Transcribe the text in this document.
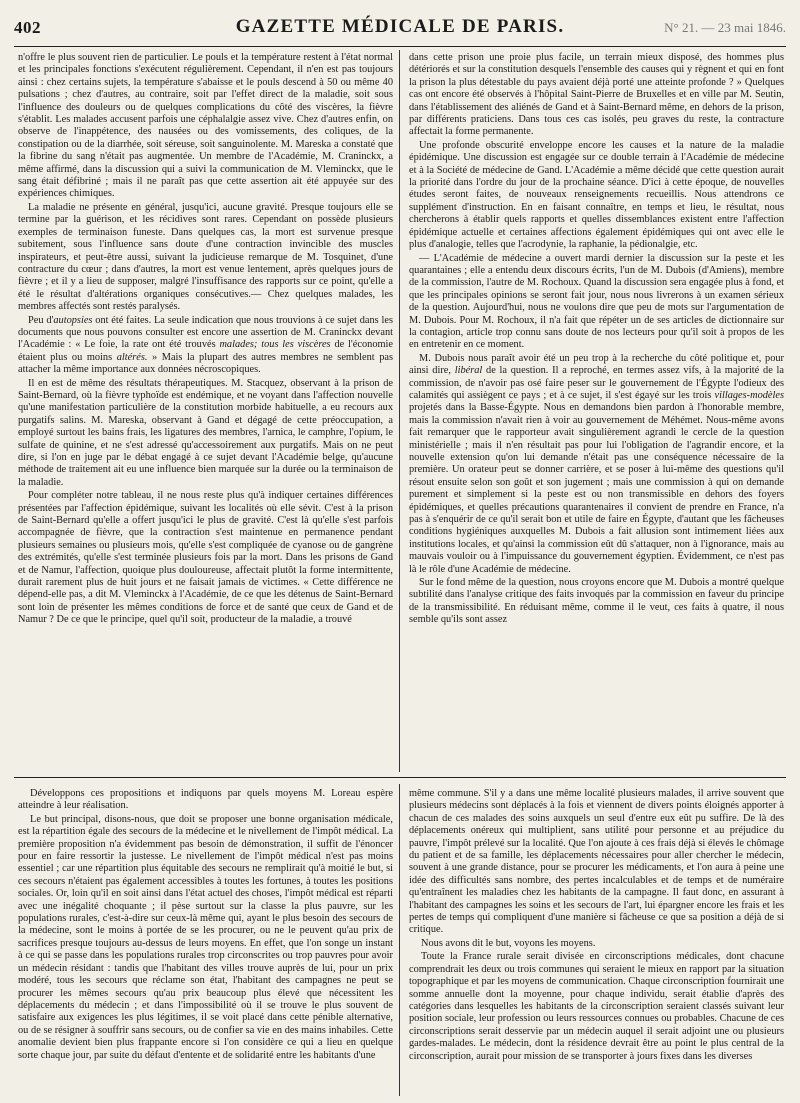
402	GAZETTE MÉDICALE DE PARIS.	N° 21. — 23 mai 1846.

n'offre le plus souvent rien de particulier. Le pouls et la température restent à l'état normal et les principales fonctions s'exécutent régulièrement. Cependant, il n'en est pas toujours ainsi : chez certains sujets, la température s'abaisse et le pouls descend à 50 ou même 40 pulsations ; chez d'autres, au contraire, soit par l'effet direct de la maladie, soit sous l'influence des douleurs ou de quelques complications du côté des viscères, la fièvre s'établit. Les malades accusent parfois une céphalalgie assez vive. Chez d'autres enfin, on observe de l'inappétence, des nausées ou des vomissements, des coliques, de la constipation ou de la diarrhée, soit séreuse, soit sanguinolente. M. Mareska a constaté que la fibrine du sang n'était pas augmentée. Un membre de l'Académie, M. Craninckx, a même affirmé, dans la discussion qui a suivi la communication de M. Vleminckx, que le sang était défibriné ; mais il ne paraît pas que cette assertion ait été appuyée sur des expériences chimiques.

La maladie ne présente en général, jusqu'ici, aucune gravité. Presque toujours elle se termine par la guérison, et les récidives sont rares. Cependant on possède plusieurs exemples de terminaison funeste. Dans quelques cas, la mort est survenue presque subitement, sous l'influence sans doute d'une contraction invincible des muscles inspirateurs, et peut-être aussi, suivant la judicieuse remarque de M. Tosquinet, d'une contracture du cœur ; dans d'autres, la mort est venue lentement, après quelques jours de fièvre ; et il y a lieu de supposer, malgré l'insuffisance des rapports sur ce point, qu'elle a été le résultat d'altérations organiques consécutives.— Chez quelques malades, les membres affectés sont restés paralysés.

Peu d'autopsies ont été faites. La seule indication que nous trouvions à ce sujet dans les documents que nous pouvons consulter est encore une assertion de M. Craninckx devant l'Académie : « Le foie, la rate ont été trouvés malades; tous les viscères de l'économie étaient plus ou moins altérés. » Mais la plupart des autres membres ne semblent pas attacher la même importance aux données nécroscopiques.

Il en est de même des résultats thérapeutiques. M. Stacquez, observant à la prison de Saint-Bernard, où la fièvre typhoïde est endémique, et ne voyant dans l'affection nouvelle qu'une manifestation particulière de la constitution morbide habituelle, a eu recours aux purgatifs salins. M. Mareska, observant à Gand et dégagé de cette préoccupation, a employé surtout les bains frais, les ligatures des membres, l'arnica, le camphre, l'opium, le sulfate de quinine, et ne s'est adressé qu'accessoirement aux purgatifs. Mais on ne peut dire, si l'on en juge par le débat engagé à ce sujet devant l'Académie belge, qu'aucune méthode de traitement ait eu une influence bien marquée sur la durée ou la terminaison de la maladie.

Pour compléter notre tableau, il ne nous reste plus qu'à indiquer certaines différences présentées par l'affection épidémique, suivant les localités où elle sévit. C'est à la prison de Saint-Bernard qu'elle a offert jusqu'ici le plus de gravité. C'est là qu'elle s'est parfois accompagnée de fièvre, que la contraction s'est maintenue en permanence pendant plusieurs semaines ou plusieurs mois, qu'elle s'est compliquée de cyanose ou de gangrène des extrémités, qu'elle s'est terminée plusieurs fois par la mort. Dans les prisons de Gand et de Namur, l'affection, quoique plus douloureuse, affectait plutôt la forme intermittente, durait rarement plus de huit jours et ne faisait jamais de victimes. « Cette différence ne dépend-elle pas, a dit M. Vleminckx à l'Académie, de ce que les détenus de Saint-Bernard sont loin de présenter les mêmes conditions de force et de santé que ceux de Gand et de Namur ? De ce que le principe, quel qu'il soit, producteur de la maladie, a trouvé

dans cette prison une proie plus facile, un terrain mieux disposé, des hommes plus détériorés et sur la constitution desquels l'ensemble des causes qui y règnent et qui en font la prison la plus détestable du pays avaient déjà porté une atteinte profonde ? » Quelques cas ont encore été observés à l'hôpital Saint-Pierre de Bruxelles et en ville par M. Seutin, dans l'établissement des aliénés de Gand et à Saint-Bernard même, en dehors de la prison, par différents praticiens. Dans tous ces cas isolés, peu graves du reste, la contracture affectait la forme permanente.

Une profonde obscurité enveloppe encore les causes et la nature de la maladie épidémique. Une discussion est engagée sur ce double terrain à l'Académie de médecine et à la Société de médecine de Gand. L'Académie a même décidé que cette question aurait la priorité dans l'ordre du jour de la prochaine séance. D'ici à cette époque, de nouvelles études seront faites, de nouveaux renseignements recueillis. Nous attendrons ce supplément d'instruction. En en faisant connaître, en temps et lieu, le résultat, nous chercherons à établir quels rapports et quelles dissemblances existent entre l'affection épidémique actuelle et certaines affections également épidémiques qui ont avec elle le plus d'analogie, telles que l'acrodynie, la raphanie, la pédionalgie, etc.

— L'Académie de médecine a ouvert mardi dernier la discussion sur la peste et les quarantaines ; elle a entendu deux discours écrits, l'un de M. Dubois (d'Amiens), membre de la commission, l'autre de M. Rochoux. Quand la discussion sera engagée plus à fond, et que les principales opinions se seront fait jour, nous nous livrerons à un examen sérieux de la question. Aujourd'hui, nous ne voulons dire que peu de mots sur l'argumentation de M. Dubois. Pour M. Rochoux, il n'a fait que répéter un de ses articles de dictionnaire sur la contagion, article trop connu sans doute de nos lecteurs pour qu'il soit à propos de les en entretenir en ce moment.

M. Dubois nous paraît avoir été un peu trop à la recherche du côté politique et, pour ainsi dire, libéral de la question. Il a reproché, en termes assez vifs, à la majorité de la commission, de n'avoir pas osé faire peser sur le gouvernement de l'Égypte l'odieux des calamités qui assiègent ce pays ; et à ce sujet, il s'est égayé sur les trois villages-modèles projetés dans la Basse-Égypte. Nous en demandons bien pardon à l'honorable membre, mais la commission n'avait rien à voir au gouvernement de Méhémet. Nous-même avons fait remarquer que le rapporteur avait singulièrement agrandi le cercle de la question ministérielle ; mais il n'en résultait pas pour lui l'obligation de l'agrandir encore, et la nouvelle extension qu'on lui demande n'était pas une conséquence nécessaire de la première. Un orateur peut se donner carrière, et se poser à lui-même des questions qu'il résout ensuite selon son goût et son jugement ; mais une commission à qui on demande purement et simplement si la peste est ou non transmissible en dehors des foyers épidémiques, et quelles précautions quarantenaires il convient de prendre en France, n'a pas à s'enquérir de ce qu'il serait bon et utile de faire en Égypte, d'autant que les fâcheuses conditions hygiéniques auxquelles M. Dubois a fait allusion sont intimement liées aux institutions locales, et qu'ainsi la commission eût dû s'attaquer, non à l'ignorance, mais au mauvais vouloir ou à l'impuissance du gouvernement égyptien. Évidemment, ce n'est pas là le rôle d'une Académie de médecine.

Sur le fond même de la question, nous croyons encore que M. Dubois a montré quelque subtilité dans l'analyse critique des faits invoqués par la commission en faveur du principe de la transmissibilité. En réduisant même, comme il le veut, ces faits à quatre, il nous semble qu'ils sont assez

Développons ces propositions et indiquons par quels moyens M. Loreau espère atteindre à leur réalisation.

Le but principal, disons-nous, que doit se proposer une bonne organisation médicale, est la répartition égale des secours de la médecine et le nivellement de l'impôt médical. La première proposition n'a évidemment pas besoin de démonstration, il suffit de l'énoncer pour en faire ressortir la justesse. Le nivellement de l'impôt médical n'est pas moins essentiel ; car une répartition plus équitable des secours ne remplirait qu'à moitié le but, si ces secours n'étaient pas également accessibles à toutes les fortunes, à toutes les positions sociales. Or, loin qu'il en soit ainsi dans l'état actuel des choses, l'impôt médical est réparti avec une inégalité choquante ; il pèse surtout sur la classe la plus pauvre, sur les populations rurales, c'est-à-dire sur ceux-là même qui, ayant le plus besoin des secours de la médecine, sont le moins à portée de se les procurer, ou ne le peuvent qu'au prix de sacrifices presque toujours au-dessus de leurs moyens. En effet, que l'on songe un instant à ce qui se passe dans les populations rurales trop circonscrites ou trop pauvres pour avoir un médecin résidant : tandis que l'habitant des villes trouve auprès de lui, pour un prix modéré, tous les secours que réclame son état, l'habitant des campagnes ne peut se procurer les mêmes secours qu'au prix beaucoup plus élevé que nécessitent les déplacements du médecin ; et dans l'impossibilité où il se trouve le plus souvent de satisfaire aux exigences les plus légitimes, il se voit placé dans cette pénible alternative, ou de se résigner à souffrir sans secours, ou de confier sa vie en des mains inhabiles. Cette anomalie devient bien plus frappante encore si l'on considère ce qui a lieu en quelque sorte chaque jour, par suite du défaut d'entente et de solidarité entre les habitants d'une

même commune. S'il y a dans une même localité plusieurs malades, il arrive souvent que plusieurs médecins sont déplacés à la fois et viennent de divers points éloignés apporter à chacun de ces malades des soins auxquels un seul d'entre eux eût pu suffire. De là des déplacements onéreux qui multiplient, sans utilité pour personne et au préjudice du pauvre, l'impôt prélevé sur la localité. Que l'on ajoute à ces frais déjà si élevés le chômage du patient et de sa famille, les déplacements nécessaires pour aller chercher le médecin, souvent à une grande distance, pour se procurer les médicaments, et l'on aura à peine une idée des difficultés sans nombre, des pertes incalculables et de temps et de numéraire qu'entraînent les maladies chez les habitants de la campagne. Il faut donc, en assurant à l'habitant des campagnes les soins et les secours de l'art, lui épargner encore les frais et les pertes de temps qui compliquent d'une manière si fâcheuse ce que sa position a déjà de si critique.

Nous avons dit le but, voyons les moyens.

Toute la France rurale serait divisée en circonscriptions médicales, dont chacune comprendrait les deux ou trois communes qui seraient le mieux en rapport par la situation topographique et par les moyens de communication. Chaque circonscription fournirait une somme annuelle dont la moyenne, pour chaque individu, serait établie d'après des catégories dans lesquelles les habitants de la circonscription seraient classés suivant leur position sociale, leur profession ou leurs ressources connues ou probables. Chacune de ces circonscriptions serait desservie par un médecin auquel il serait adjoint une ou plusieurs gardes-malades. Le médecin, dont la résidence devrait être au point le plus central de la circonscription, aurait pour mission de se transporter à jours fixes dans les diverses
